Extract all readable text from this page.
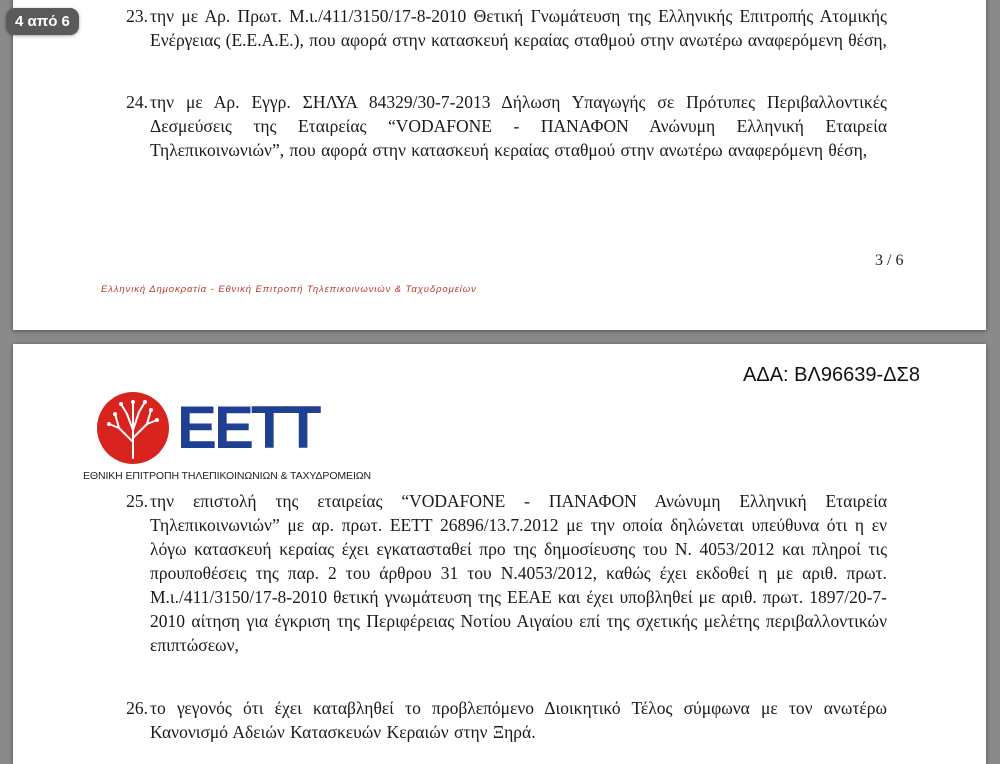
23. την με Αρ. Πρωτ. Μ.ι./411/3150/17-8-2010 Θετική Γνωμάτευση της Ελληνικής Επιτροπής Ατομικής Ενέργειας (Ε.Ε.Α.Ε.), που αφορά στην κατασκευή κεραίας σταθμού στην ανωτέρω αναφερόμενη θέση,
24. την με Αρ. Εγγρ. ΣΗΛΥΑ 84329/30-7-2013 Δήλωση Υπαγωγής σε Πρότυπες Περιβαλλοντικές Δεσμεύσεις της Εταιρείας “VODAFONE - ΠΑΝΑΦΟΝ Ανώνυμη Ελληνική Εταιρεία Τηλεπικοινωνιών”, που αφορά στην κατασκευή κεραίας σταθμού στην ανωτέρω αναφερόμενη θέση,
3 / 6
Ελληνική Δημοκρατία - Εθνική Επιτροπή Τηλεπικοινωνιών & Ταχυδρομείων
ΑΔΑ: ΒΛ96639-ΔΣ8
ΕΕΤΤ
ΕΘΝΙΚΗ ΕΠΙΤΡΟΠΗ ΤΗΛΕΠΙΚΟΙΝΩΝΙΩΝ & ΤΑΧΥΔΡΟΜΕΙΩΝ
25. την επιστολή της εταιρείας “VODAFONE - ΠΑΝΑΦΟΝ Ανώνυμη Ελληνική Εταιρεία Τηλεπικοινωνιών” με αρ. πρωτ. ΕΕΤΤ 26896/13.7.2012 με την οποία δηλώνεται υπεύθυνα ότι η εν λόγω κατασκευή κεραίας έχει εγκατασταθεί προ της δημοσίευσης του Ν. 4053/2012 και πληροί τις προυποθέσεις της παρ. 2 του άρθρου 31 του Ν.4053/2012, καθώς έχει εκδοθεί η με αριθ. πρωτ. Μ.ι./411/3150/17-8-2010 θετική γνωμάτευση της ΕΕΑΕ και έχει υποβληθεί με αριθ. πρωτ. 1897/20-7-2010 αίτηση για έγκριση της Περιφέρειας Νοτίου Αιγαίου επί της σχετικής μελέτης περιβαλλοντικών επιπτώσεων,
26. το γεγονός ότι έχει καταβληθεί το προβλεπόμενο Διοικητικό Τέλος σύμφωνα με τον ανωτέρω Κανονισμό Αδειών Κατασκευών Κεραιών στην Ξηρά.
4 από 6
